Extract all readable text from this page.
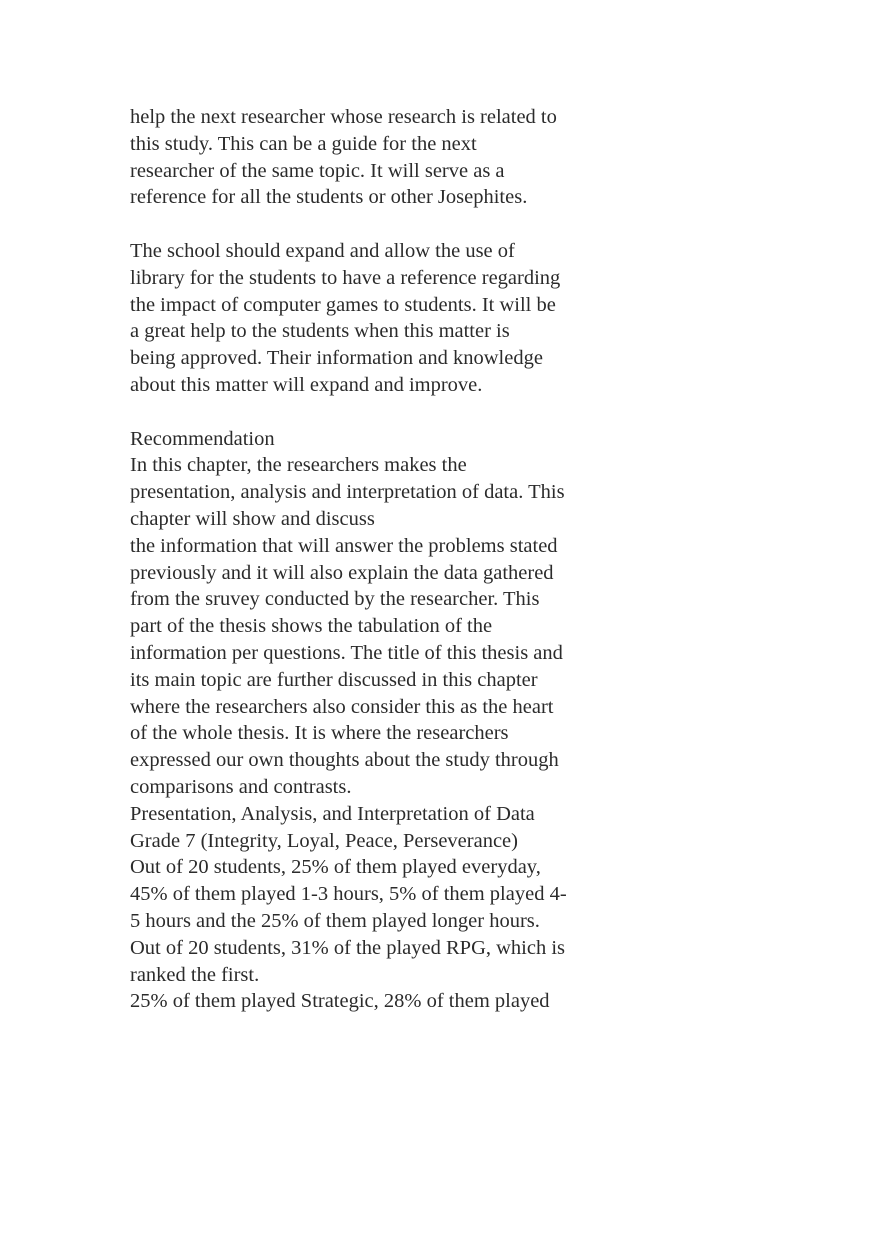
help the next researcher whose research is related to
this study. This can be a guide for the next
researcher of the same topic. It will serve as a
reference for all the students or other Josephites.

The school should expand and allow the use of
library for the students to have a reference regarding
the impact of computer games to students. It will be
a great help to the students when this matter is
being approved. Their information and knowledge
about this matter will expand and improve.

Recommendation
In this chapter, the researchers makes the
presentation, analysis and interpretation of data. This
chapter will show and discuss
the information that will answer the problems stated
previously and it will also explain the data gathered
from the sruvey conducted by the researcher. This
part of the thesis shows the tabulation of the
information per questions. The title of this thesis and
its main topic are further discussed in this chapter
where the researchers also consider this as the heart
of the whole thesis. It is where the researchers
expressed our own thoughts about the study through
comparisons and contrasts.
Presentation, Analysis, and Interpretation of Data
Grade 7 (Integrity, Loyal, Peace, Perseverance)
Out of 20 students, 25% of them played everyday,
45% of them played 1-3 hours, 5% of them played 4-
5 hours and the 25% of them played longer hours.
Out of 20 students, 31% of the played RPG, which is
ranked the first.
25% of them played Strategic, 28% of them played
